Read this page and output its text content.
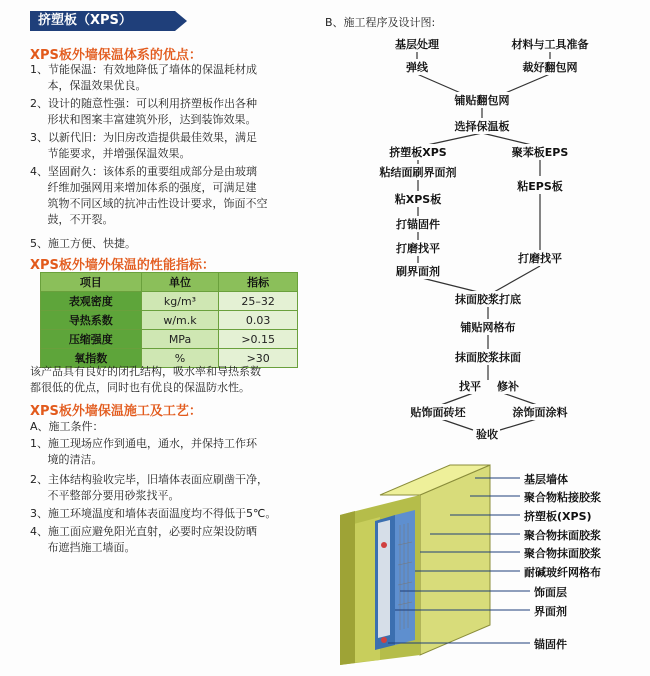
挤塑板（XPS）
XPS板外墙保温体系的优点：
1、节能保温：有效地降低了墙体的保温耗材成
本，保温效果优良。
2、设计的随意性强：可以利用挤塑板作出各种
形状和图案丰富建筑外形，达到装饰效果。
3、以新代旧：为旧房改造提供最佳效果，满足
节能要求，并增强保温效果。
4、坚固耐久：该体系的重要组成部分是由玻璃
纤维加强网用来增加体系的强度，可满足建
筑物不同区域的抗冲击性设计要求，饰面不空
鼓，不开裂。
5、施工方便、快捷。
XPS板外墙外保温的性能指标：
项目	单位	指标
表观密度	kg/m³	25–32
导热系数	w/m.k	0.03
压缩强度	MPa	>0.15
氧指数	%	>30
该产品具有良好的闭孔结构，吸水率和导热系数
都很低的优点，同时也有优良的保温防水性。
XPS板外墙保温施工及工艺：
A、施工条件：
1、施工现场应作到通电，通水，并保持工作环
境的清洁。
2、主体结构验收完毕，旧墙体表面应刷凿干净，
不平整部分要用砂浆找平。
3、施工环境温度和墙体表面温度均不得低于5℃。
4、施工面应避免阳光直射，必要时应架设防晒
布遮挡施工墙面。
B、施工程序及设计图:
基层处理	材料与工具准备
弹线	裁好翻包网
铺贴翻包网
选择保温板
挤塑板XPS	聚苯板EPS
粘结面刷界面剂
粘EPS板
粘XPS板
打锚固件
打磨找平
打磨找平
刷界面剂
抹面胶浆打底
铺贴网格布
抹面胶浆抹面
找平 修补
贴饰面砖坯	涂饰面涂料
验收
基层墙体
聚合物粘接胶浆
挤塑板(XPS)
聚合物抹面胶浆
聚合物抹面胶浆
耐碱玻纤网格布
饰面层
界面剂
锚固件
